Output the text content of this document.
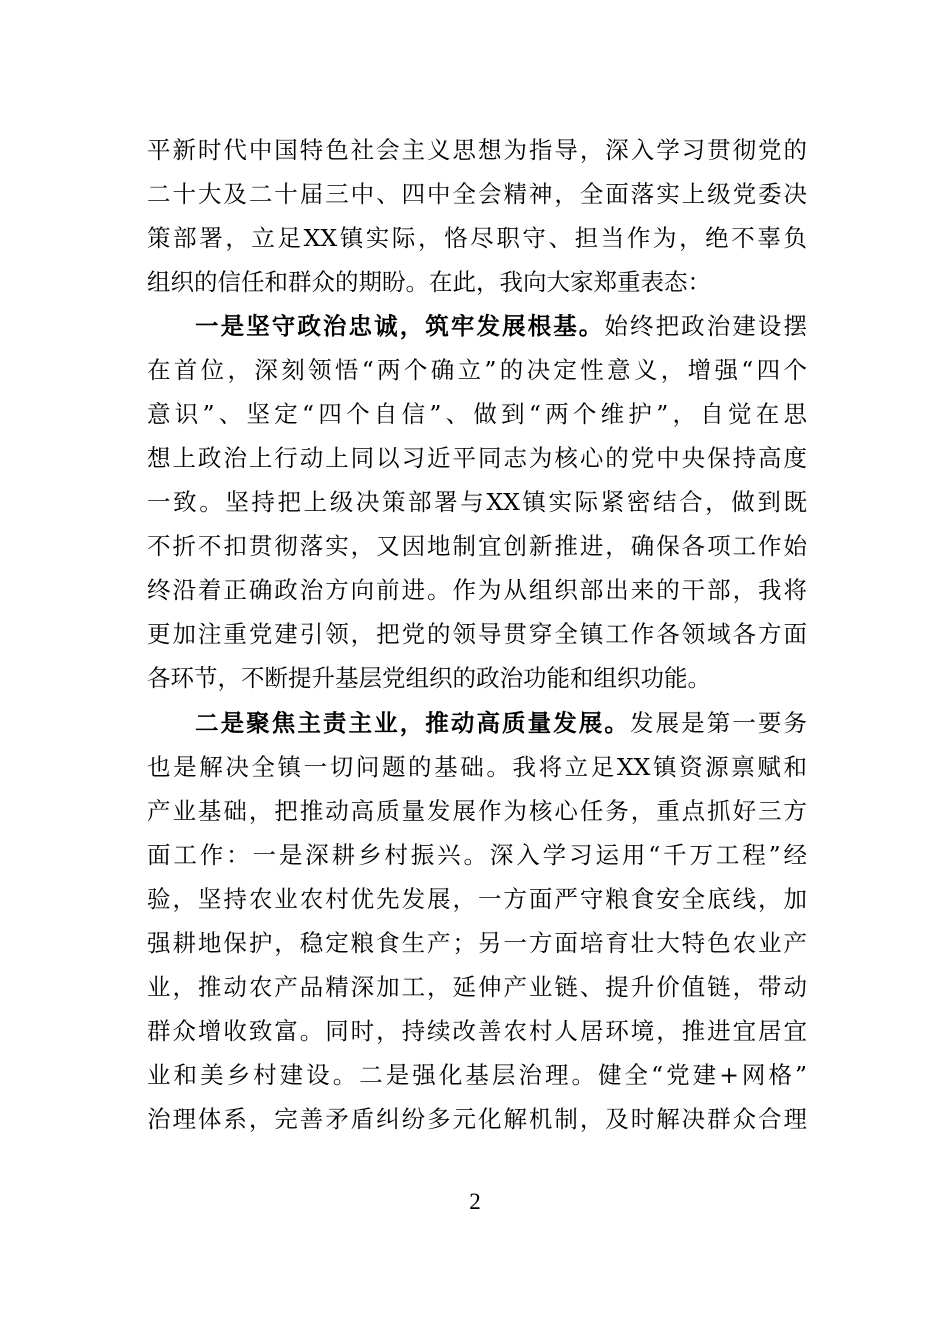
平新时代中国特色社会主义思想为指导，深入学习贯彻党的
二十大及二十届三中、四中全会精神，全面落实上级党委决
策部署，立足XX镇实际，恪尽职守、担当作为，绝不辜负
组织的信任和群众的期盼。在此，我向大家郑重表态：
一是坚守政治忠诚，筑牢发展根基。始终把政治建设摆
在首位，深刻领悟“两个确立”的决定性意义，增强“四个
意识”、坚定“四个自信”、做到“两个维护”，自觉在思
想上政治上行动上同以习近平同志为核心的党中央保持高度
一致。坚持把上级决策部署与XX镇实际紧密结合，做到既
不折不扣贯彻落实，又因地制宜创新推进，确保各项工作始
终沿着正确政治方向前进。作为从组织部出来的干部，我将
更加注重党建引领，把党的领导贯穿全镇工作各领域各方面
各环节，不断提升基层党组织的政治功能和组织功能。
二是聚焦主责主业，推动高质量发展。发展是第一要务
也是解决全镇一切问题的基础。我将立足XX镇资源禀赋和
产业基础，把推动高质量发展作为核心任务，重点抓好三方
面工作：一是深耕乡村振兴。深入学习运用“千万工程”经
验，坚持农业农村优先发展，一方面严守粮食安全底线，加
强耕地保护，稳定粮食生产；另一方面培育壮大特色农业产
业，推动农产品精深加工，延伸产业链、提升价值链，带动
群众增收致富。同时，持续改善农村人居环境，推进宜居宜
业和美乡村建设。二是强化基层治理。健全“党建+网格”
治理体系，完善矛盾纠纷多元化解机制，及时解决群众合理
2
